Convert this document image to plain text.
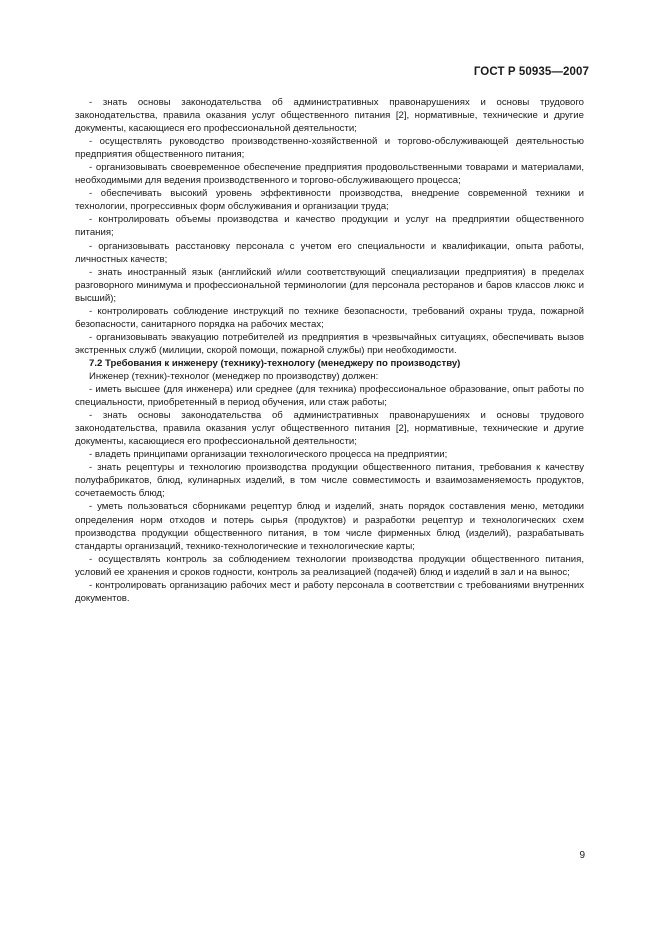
ГОСТ Р 50935—2007

- знать основы законодательства об административных правонарушениях и основы трудового законодательства, правила оказания услуг общественного питания [2], нормативные, технические и другие документы, касающиеся его профессиональной деятельности;

- осуществлять руководство производственно-хозяйственной и торгово-обслуживающей деятельностью предприятия общественного питания;

- организовывать своевременное обеспечение предприятия продовольственными товарами и материалами, необходимыми для ведения производственного и торгово-обслуживающего процесса;

- обеспечивать высокий уровень эффективности производства, внедрение современной техники и технологии, прогрессивных форм обслуживания и организации труда;

- контролировать объемы производства и качество продукции и услуг на предприятии общественного питания;

- организовывать расстановку персонала с учетом его специальности и квалификации, опыта работы, личностных качеств;

- знать иностранный язык (английский и/или соответствующий специализации предприятия) в пределах разговорного минимума и профессиональной терминологии (для персонала ресторанов и баров классов люкс и высший);

- контролировать соблюдение инструкций по технике безопасности, требований охраны труда, пожарной безопасности, санитарного порядка на рабочих местах;

- организовывать эвакуацию потребителей из предприятия в чрезвычайных ситуациях, обеспечивать вызов экстренных служб (милиции, скорой помощи, пожарной службы) при необходимости.

7.2 Требования к инженеру (технику)-технологу (менеджеру по производству)

Инженер (техник)-технолог (менеджер по производству) должен:

- иметь высшее (для инженера) или среднее (для техника) профессиональное образование, опыт работы по специальности, приобретенный в период обучения, или стаж работы;

- знать основы законодательства об административных правонарушениях и основы трудового законодательства, правила оказания услуг общественного питания [2], нормативные, технические и другие документы, касающиеся его профессиональной деятельности;

- владеть принципами организации технологического процесса на предприятии;

- знать рецептуры и технологию производства продукции общественного питания, требования к качеству полуфабрикатов, блюд, кулинарных изделий, в том числе совместимость и взаимозаменяемость продуктов, сочетаемость блюд;

- уметь пользоваться сборниками рецептур блюд и изделий, знать порядок составления меню, методики определения норм отходов и потерь сырья (продуктов) и разработки рецептур и технологических схем производства продукции общественного питания, в том числе фирменных блюд (изделий), разрабатывать стандарты организаций, технико-технологические и технологические карты;

- осуществлять контроль за соблюдением технологии производства продукции общественного питания, условий ее хранения и сроков годности, контроль за реализацией (подачей) блюд и изделий в зал и на вынос;

- контролировать организацию рабочих мест и работу персонала в соответствии с требованиями внутренних документов.

9
